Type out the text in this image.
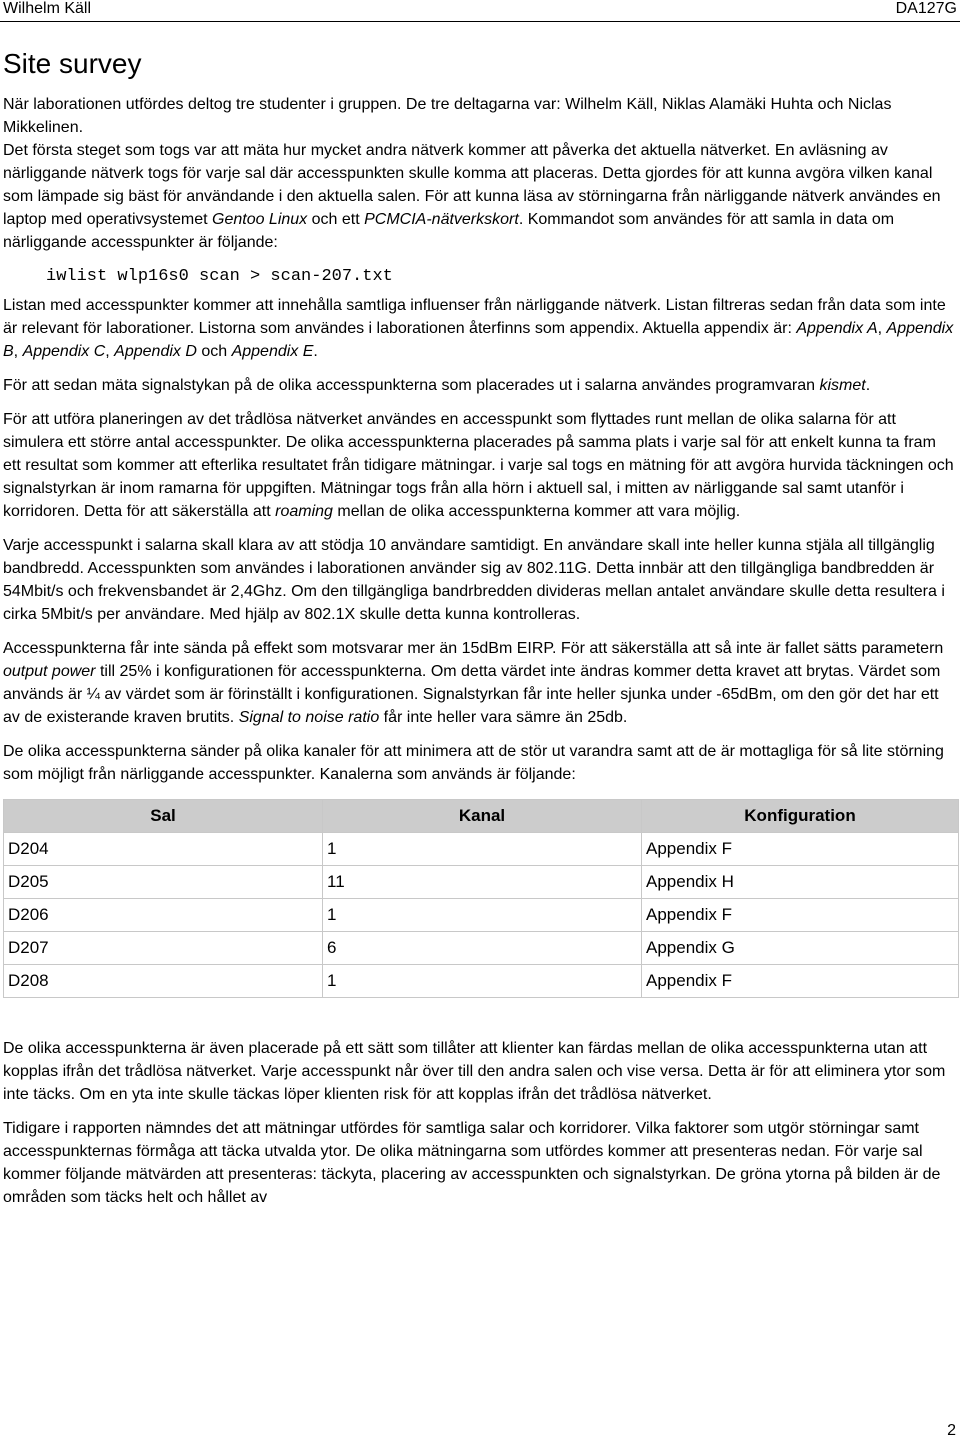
Wilhelm Käll	DA127G
Site survey

När laborationen utfördes deltog tre studenter i gruppen. De tre deltagarna var: Wilhelm Käll, Niklas Alamäki Huhta och Niclas Mikkelinen.

Det första steget som togs var att mäta hur mycket andra nätverk kommer att påverka det aktuella nätverket. En avläsning av närliggande nätverk togs för varje sal där accesspunkten skulle komma att placeras. Detta gjordes för att kunna avgöra vilken kanal som lämpade sig bäst för användande i den aktuella salen. För att kunna läsa av störningarna från närliggande nätverk användes en laptop med operativsystemet Gentoo Linux och ett PCMCIA-nätverkskort. Kommandot som användes för att samla in data om närliggande accesspunkter är följande:

iwlist wlp16s0 scan > scan-207.txt

Listan med accesspunkter kommer att innehålla samtliga influenser från närliggande nätverk. Listan filtreras sedan från data som inte är relevant för laborationer. Listorna som användes i laborationen återfinns som appendix. Aktuella appendix är: Appendix A, Appendix B, Appendix C, Appendix D och Appendix E.

För att sedan mäta signalstykan på de olika accesspunkterna som placerades ut i salarna användes programvaran kismet.

För att utföra planeringen av det trådlösa nätverket användes en accesspunkt som flyttades runt mellan de olika salarna för att simulera ett större antal accesspunkter. De olika accesspunkterna placerades på samma plats i varje sal för att enkelt kunna ta fram ett resultat som kommer att efterlika resultatet från tidigare mätningar. i varje sal togs en mätning för att avgöra hurvida täckningen och signalstyrkan är inom ramarna för uppgiften. Mätningar togs från alla hörn i aktuell sal, i mitten av närliggande sal samt utanför i korridoren. Detta för att säkerställa att roaming mellan de olika accesspunkterna kommer att vara möjlig.

Varje accesspunkt i salarna skall klara av att stödja 10 användare samtidigt. En användare skall inte heller kunna stjäla all tillgänglig bandbredd. Accesspunkten som användes i laborationen använder sig av 802.11G. Detta innbär att den tillgängliga bandbredden är 54Mbit/s och frekvensbandet är 2,4Ghz. Om den tillgängliga bandrbredden divideras mellan antalet användare skulle detta resultera i cirka 5Mbit/s per användare. Med hjälp av 802.1X skulle detta kunna kontrolleras.

Accesspunkterna får inte sända på effekt som motsvarar mer än 15dBm EIRP. För att säkerställa att så inte är fallet sätts parametern output power till 25% i konfigurationen för accesspunkterna. Om detta värdet inte ändras kommer detta kravet att brytas. Värdet som används är ¼ av värdet som är förinställt i konfigurationen. Signalstyrkan får inte heller sjunka under -65dBm, om den gör det har ett av de existerande kraven brutits. Signal to noise ratio får inte heller vara sämre än 25db.

De olika accesspunkterna sänder på olika kanaler för att minimera att de stör ut varandra samt att de är mottagliga för så lite störning som möjligt från närliggande accesspunkter. Kanalerna som används är följande:

Sal	Kanal	Konfiguration
D204	1	Appendix F
D205	11	Appendix H
D206	1	Appendix F
D207	6	Appendix G
D208	1	Appendix F

De olika accesspunkterna är även placerade på ett sätt som tillåter att klienter kan färdas mellan de olika accesspunkterna utan att kopplas ifrån det trådlösa nätverket. Varje accesspunkt når över till den andra salen och vise versa. Detta är för att eliminera ytor som inte täcks. Om en yta inte skulle täckas löper klienten risk för att kopplas ifrån det trådlösa nätverket.

Tidigare i rapporten nämndes det att mätningar utfördes för samtliga salar och korridorer. Vilka faktorer som utgör störningar samt accesspunkternas förmåga att täcka utvalda ytor. De olika mätningarna som utfördes kommer att presenteras nedan. För varje sal kommer följande mätvärden att presenteras: täckyta, placering av accesspunkten och signalstyrkan. De gröna ytorna på bilden är de områden som täcks helt och hållet av

2
